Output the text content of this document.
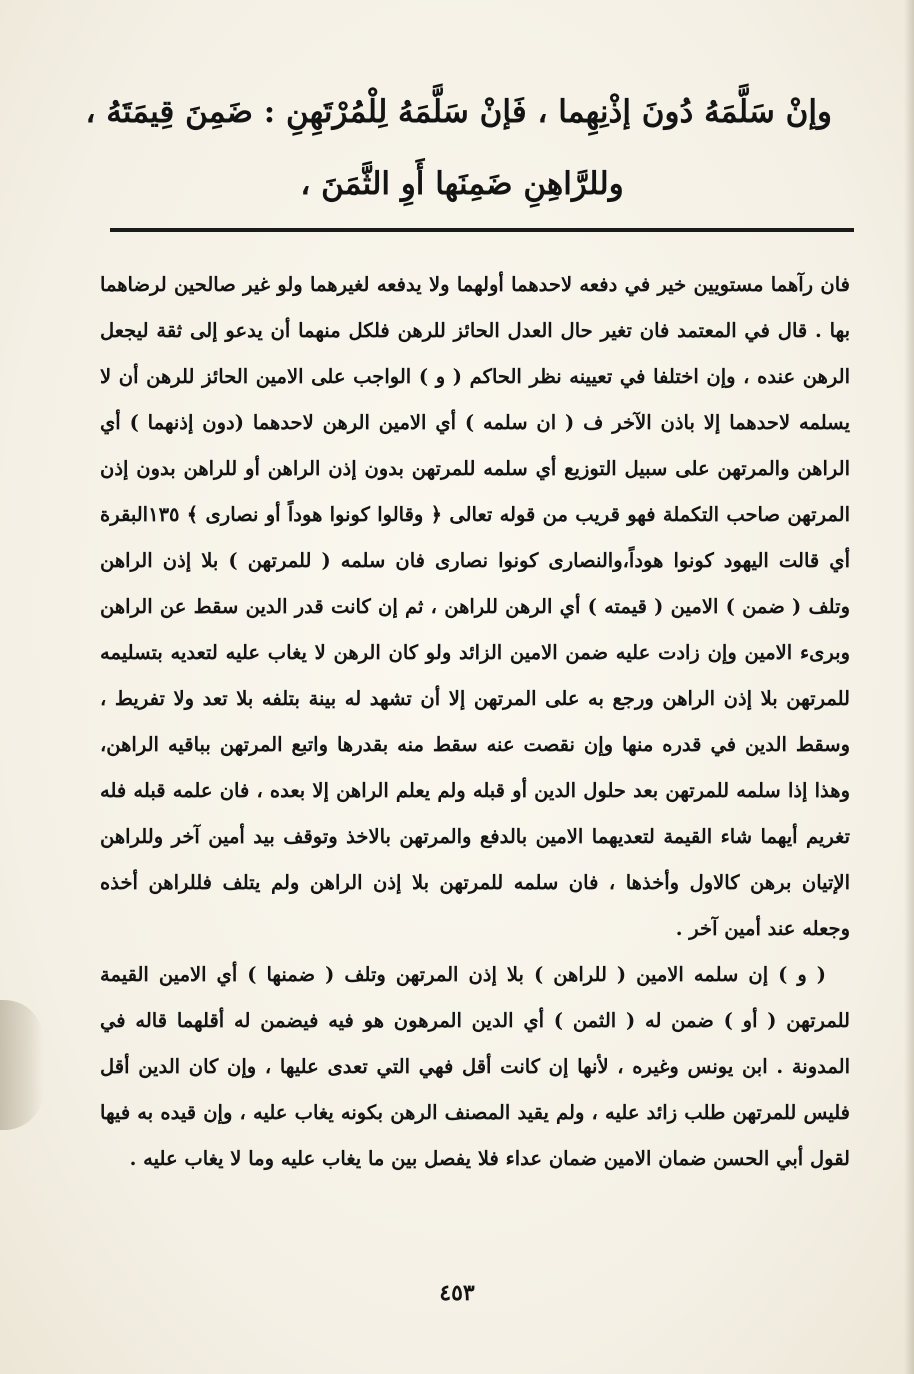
وإنْ سَلَّمَهُ دُونَ إذْنِهِما ، فَإنْ سَلَّمَهُ لِلْمُرْتَهِنِ : ضَمِنَ قِيمَتَهُ ،

وللرَّاهِنِ ضَمِنَها أَوِ الثَّمَنَ ،

فان رآهما مستويين خير في دفعه لاحدهما أولهما ولا يدفعه لغيرهما ولو غير صالحين لرضاهما بها . قال في المعتمد فان تغير حال العدل الحائز للرهن فلكل منهما أن يدعو إلى ثقة ليجعل الرهن عنده ، وإن اختلفا في تعيينه نظر الحاكم ( و ) الواجب على الامين الحائز للرهن أن لا يسلمه لاحدهما إلا باذن الآخر ف ( ان سلمه ) أي الامين الرهن لاحدهما (دون إذنهما ) أي الراهن والمرتهن على سبيل التوزيع أي سلمه للمرتهن بدون إذن الراهن أو للراهن بدون إذن المرتهن صاحب التكملة فهو قريب من قوله تعالى ﴿ وقالوا كونوا هوداً أو نصارى ﴾ ١٣٥البقرة أي قالت اليهود كونوا هوداً،والنصارى كونوا نصارى فان سلمه ( للمرتهن ) بلا إذن الراهن وتلف ( ضمن ) الامين ( قيمته ) أي الرهن للراهن ، ثم إن كانت قدر الدين سقط عن الراهن وبرىء الامين وإن زادت عليه ضمن الامين الزائد ولو كان الرهن لا يغاب عليه لتعديه بتسليمه للمرتهن بلا إذن الراهن ورجع به على المرتهن إلا أن تشهد له بينة بتلفه بلا تعد ولا تفريط ، وسقط الدين في قدره منها وإن نقصت عنه سقط منه بقدرها واتبع المرتهن بباقيه الراهن، وهذا إذا سلمه للمرتهن بعد حلول الدين أو قبله ولم يعلم الراهن إلا بعده ، فان علمه قبله فله تغريم أيهما شاء القيمة لتعديهما الامين بالدفع والمرتهن بالاخذ وتوقف بيد أمين آخر وللراهن الإتيان برهن كالاول وأخذها ، فان سلمه للمرتهن بلا إذن الراهن ولم يتلف فللراهن أخذه وجعله عند أمين آخر .

( و ) إن سلمه الامين ( للراهن ) بلا إذن المرتهن وتلف ( ضمنها ) أي الامين القيمة للمرتهن ( أو ) ضمن له ( الثمن ) أي الدين المرهون هو فيه فيضمن له أقلهما قاله في المدونة . ابن يونس وغيره ، لأنها إن كانت أقل فهي التي تعدى عليها ، وإن كان الدين أقل فليس للمرتهن طلب زائد عليه ، ولم يقيد المصنف الرهن بكونه يغاب عليه ، وإن قيده به فيها لقول أبي الحسن ضمان الامين ضمان عداء فلا يفصل بين ما يغاب عليه وما لا يغاب عليه .

٤٥٣
